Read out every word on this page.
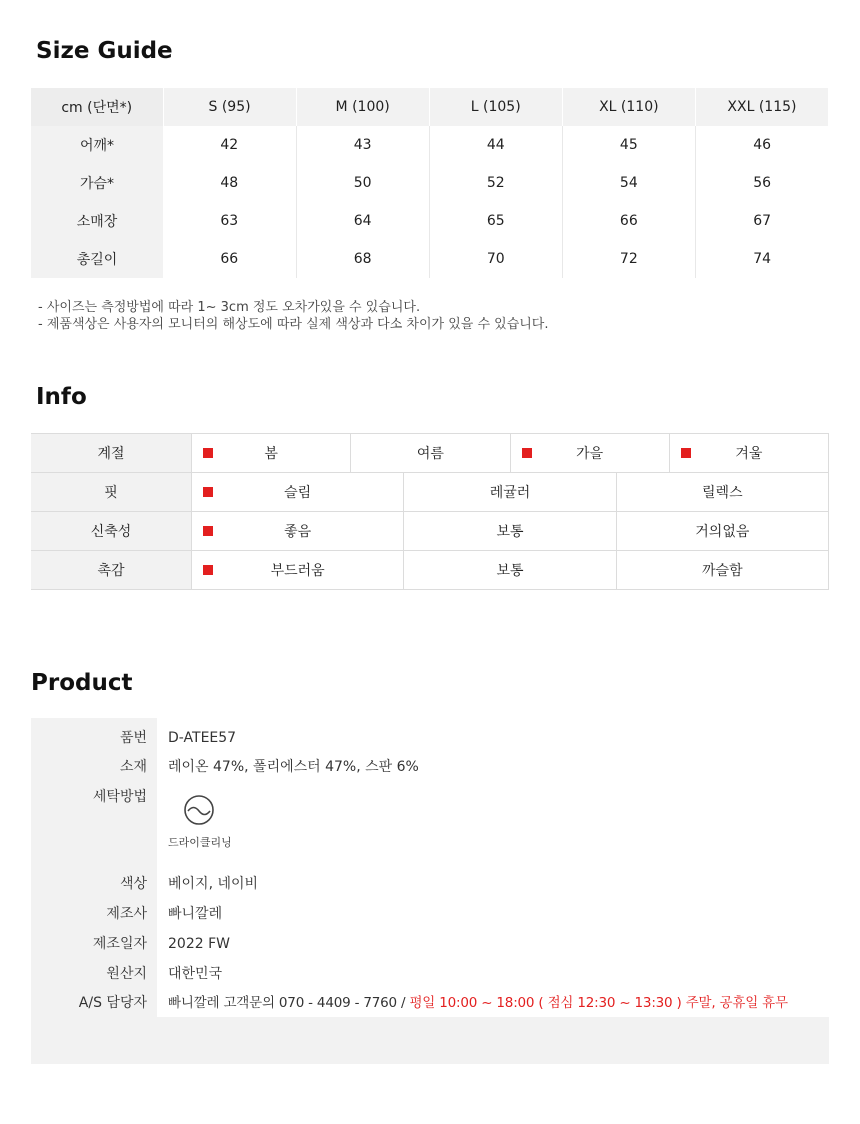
Size Guide
cm (단면*)	S (95)	M (100)	L (105)	XL (110)	XXL (115)
어깨*	42	43	44	45	46
가슴*	48	50	52	54	56
소매장	63	64	65	66	67
총길이	66	68	70	72	74
- 사이즈는 측정방법에 따라 1~ 3cm 정도 오차가있을 수 있습니다.
- 제품색상은 사용자의 모니터의 해상도에 따라 실제 색상과 다소 차이가 있을 수 있습니다.
Info
계절	봄	여름	가을	겨울
핏	슬림	레귤러	릴렉스
신축성	좋음	보통	거의없음
촉감	부드러움	보통	까슬함
Product
품번	D-ATEE57
소재	레이온 47%, 폴리에스터 47%, 스판 6%
세탁방법
드라이클리닝
색상	베이지, 네이비
제조사	빠니깔레
제조일자	2022 FW
원산지	대한민국
A/S 담당자	빠니깔레 고객문의 070 - 4409 - 7760 / 평일 10:00 ~ 18:00 ( 점심 12:30 ~ 13:30 ) 주말, 공휴일 휴무
